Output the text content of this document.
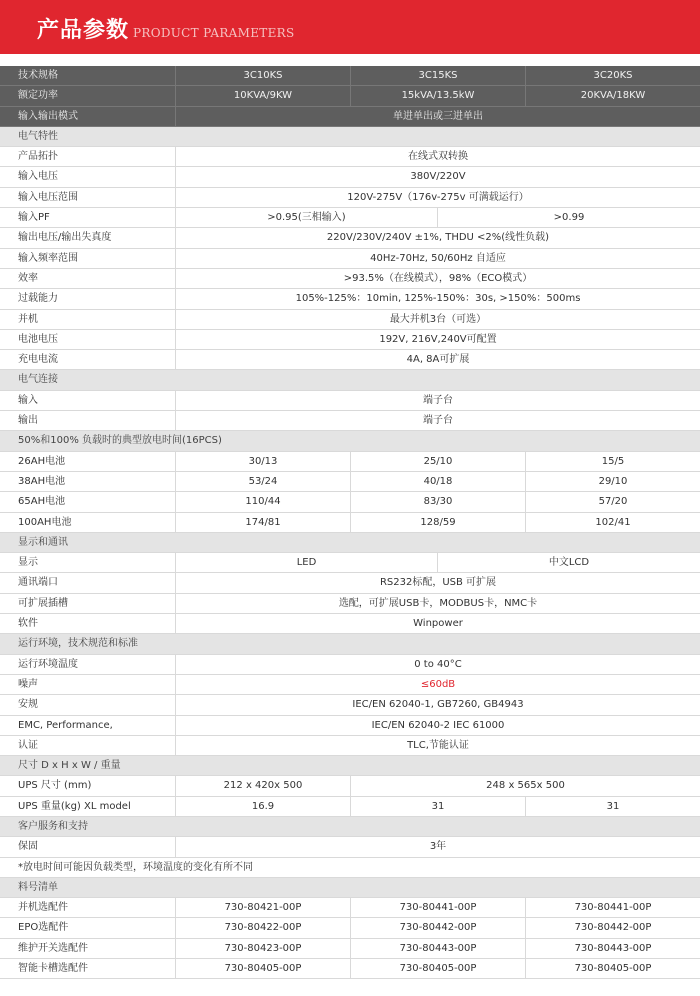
产品参数 PRODUCT PARAMETERS
技术规格	3C10KS	3C15KS	3C20KS
额定功率	10KVA/9KW	15kVA/13.5kW	20KVA/18KW
输入输出模式	单进单出或三进单出
电气特性
产品拓扑	在线式双转换
输入电压	380V/220V
输入电压范围	120V-275V（176v-275v 可满载运行）
输入PF	>0.95(三相输入)	>0.99
输出电压/输出失真度	220V/230V/240V ±1%, THDU <2%(线性负载)
输入频率范围	40Hz-70Hz, 50/60Hz 自适应
效率	>93.5%（在线模式），98%（ECO模式）
过载能力	105%-125%：10min, 125%-150%：30s, >150%：500ms
并机	最大并机3台（可选）
电池电压	192V, 216V,240V可配置
充电电流	4A, 8A可扩展
电气连接
输入	端子台
输出	端子台
50%和100% 负载时的典型放电时间(16PCS)
26AH电池	30/13	25/10	15/5
38AH电池	53/24	40/18	29/10
65AH电池	110/44	83/30	57/20
100AH电池	174/81	128/59	102/41
显示和通讯
显示	LED	中文LCD
通讯端口	RS232标配，USB 可扩展
可扩展插槽	选配，可扩展USB卡，MODBUS卡，NMC卡
软件	Winpower
运行环境，技术规范和标准
运行环境温度	0 to 40°C
噪声	≤60dB
安规	IEC/EN 62040-1, GB7260, GB4943
EMC, Performance,	IEC/EN 62040-2 IEC 61000
认证	TLC,节能认证
尺寸 D x H x W / 重量
UPS 尺寸 (mm)	212 x 420x 500	248 x 565x 500
UPS 重量(kg) XL model	16.9	31	31
客户服务和支持
保固	3年
*放电时间可能因负载类型，环境温度的变化有所不同
料号清单
并机选配件	730-80421-00P	730-80441-00P	730-80441-00P
EPO选配件	730-80422-00P	730-80442-00P	730-80442-00P
维护开关选配件	730-80423-00P	730-80443-00P	730-80443-00P
智能卡槽选配件	730-80405-00P	730-80405-00P	730-80405-00P
